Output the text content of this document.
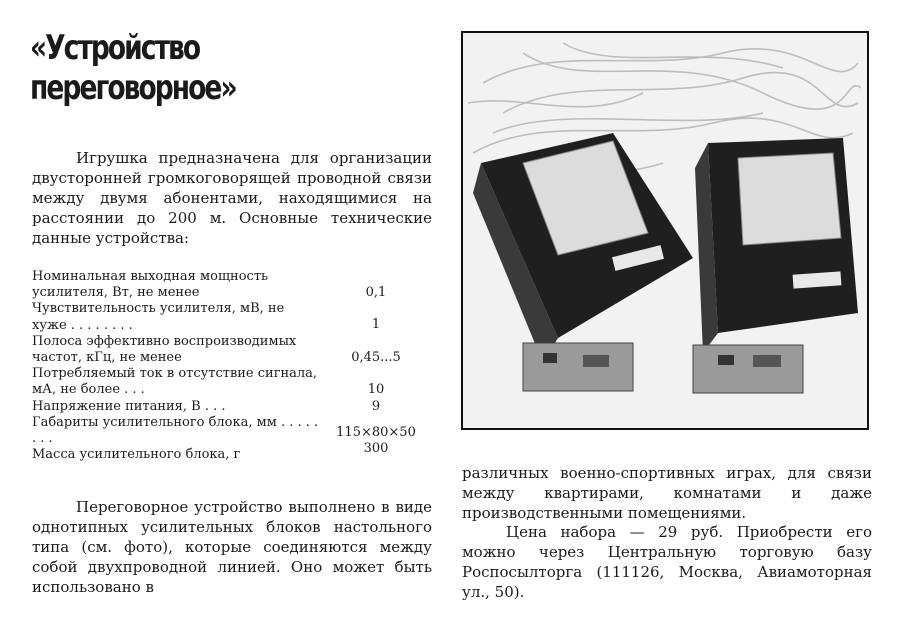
«Устройство
переговорное»
Игрушка предназначена для организации двусторонней громкоговорящей проводной связи между двумя абонентами, находящимися на расстоянии до 200 м. Основные технические данные устройства:
Номинальная выходная мощность усилителя, Вт, не менее	0,1
Чувствительность усилителя, мВ, не хуже . . . . . . . .	1
Полоса эффективно воспроизводимых частот, кГц, не менее	0,45...5
Потребляемый ток в отсутствие сигнала, мА, не более . . .	10
Напряжение питания, В . . .	9
Габариты усилительного блока, мм . . . . . . . .	115×80×50
Масса усилительного блока, г	300
Переговорное устройство выполнено в виде однотипных усилительных блоков настольного типа (см. фото), которые соединяются между собой двухпроводной линией. Оно может быть использовано в
различных военно-спортивных играх, для связи между квартирами, комнатами и даже производственными помещениями.
Цена набора — 29 руб. Приобрести его можно через Центральную торговую базу Роспосылторга (111126, Москва, Авиамоторная ул., 50).
